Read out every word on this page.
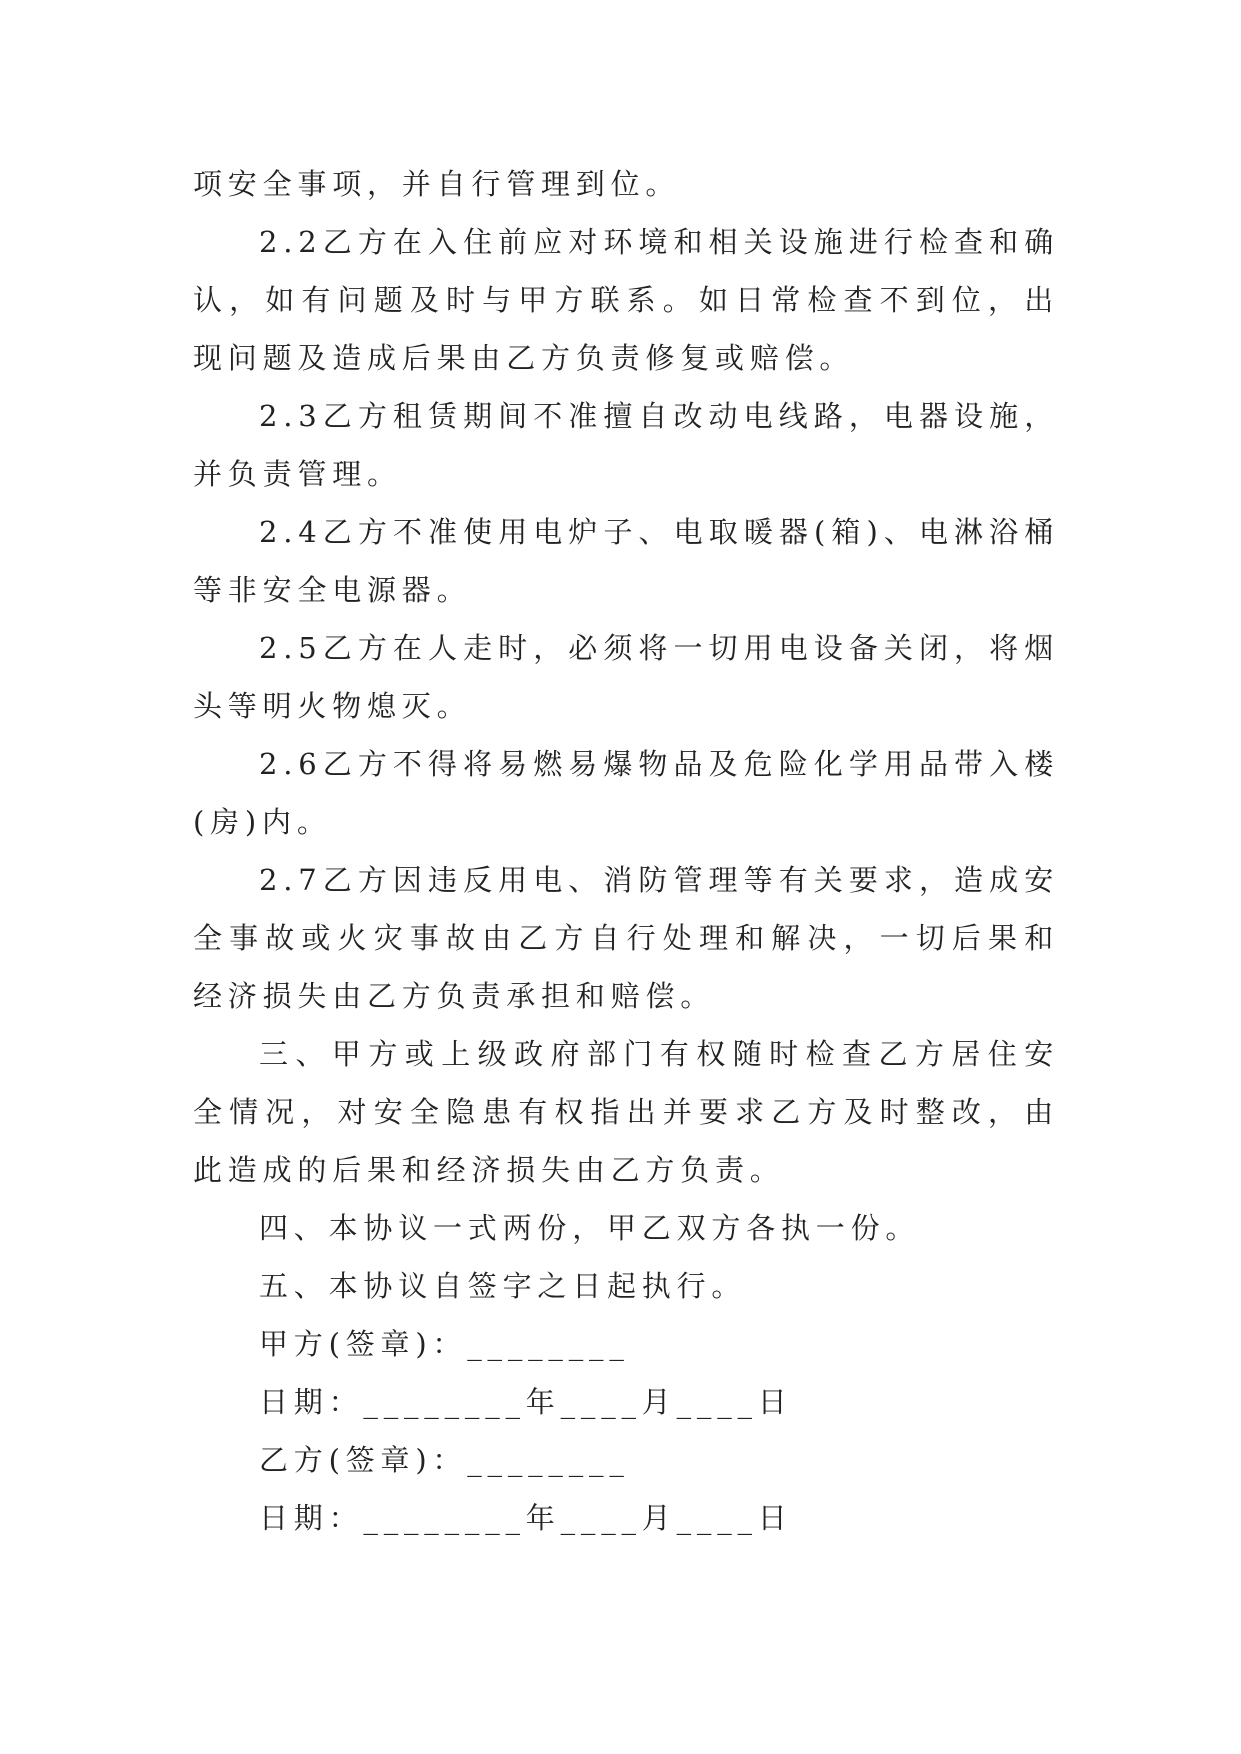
项安全事项，并自行管理到位。

2.2乙方在入住前应对环境和相关设施进行检查和确认，如有问题及时与甲方联系。如日常检查不到位，出现问题及造成后果由乙方负责修复或赔偿。

2.3乙方租赁期间不准擅自改动电线路，电器设施，并负责管理。

2.4乙方不准使用电炉子、电取暖器(箱)、电淋浴桶等非安全电源器。

2.5乙方在人走时，必须将一切用电设备关闭，将烟头等明火物熄灭。

2.6乙方不得将易燃易爆物品及危险化学用品带入楼(房)内。

2.7乙方因违反用电、消防管理等有关要求，造成安全事故或火灾事故由乙方自行处理和解决，一切后果和经济损失由乙方负责承担和赔偿。

三、甲方或上级政府部门有权随时检查乙方居住安全情况，对安全隐患有权指出并要求乙方及时整改，由此造成的后果和经济损失由乙方负责。

四、本协议一式两份，甲乙双方各执一份。

五、本协议自签字之日起执行。

甲方(签章)：________

日期：________年____月____日

乙方(签章)：________

日期：________年____月____日
